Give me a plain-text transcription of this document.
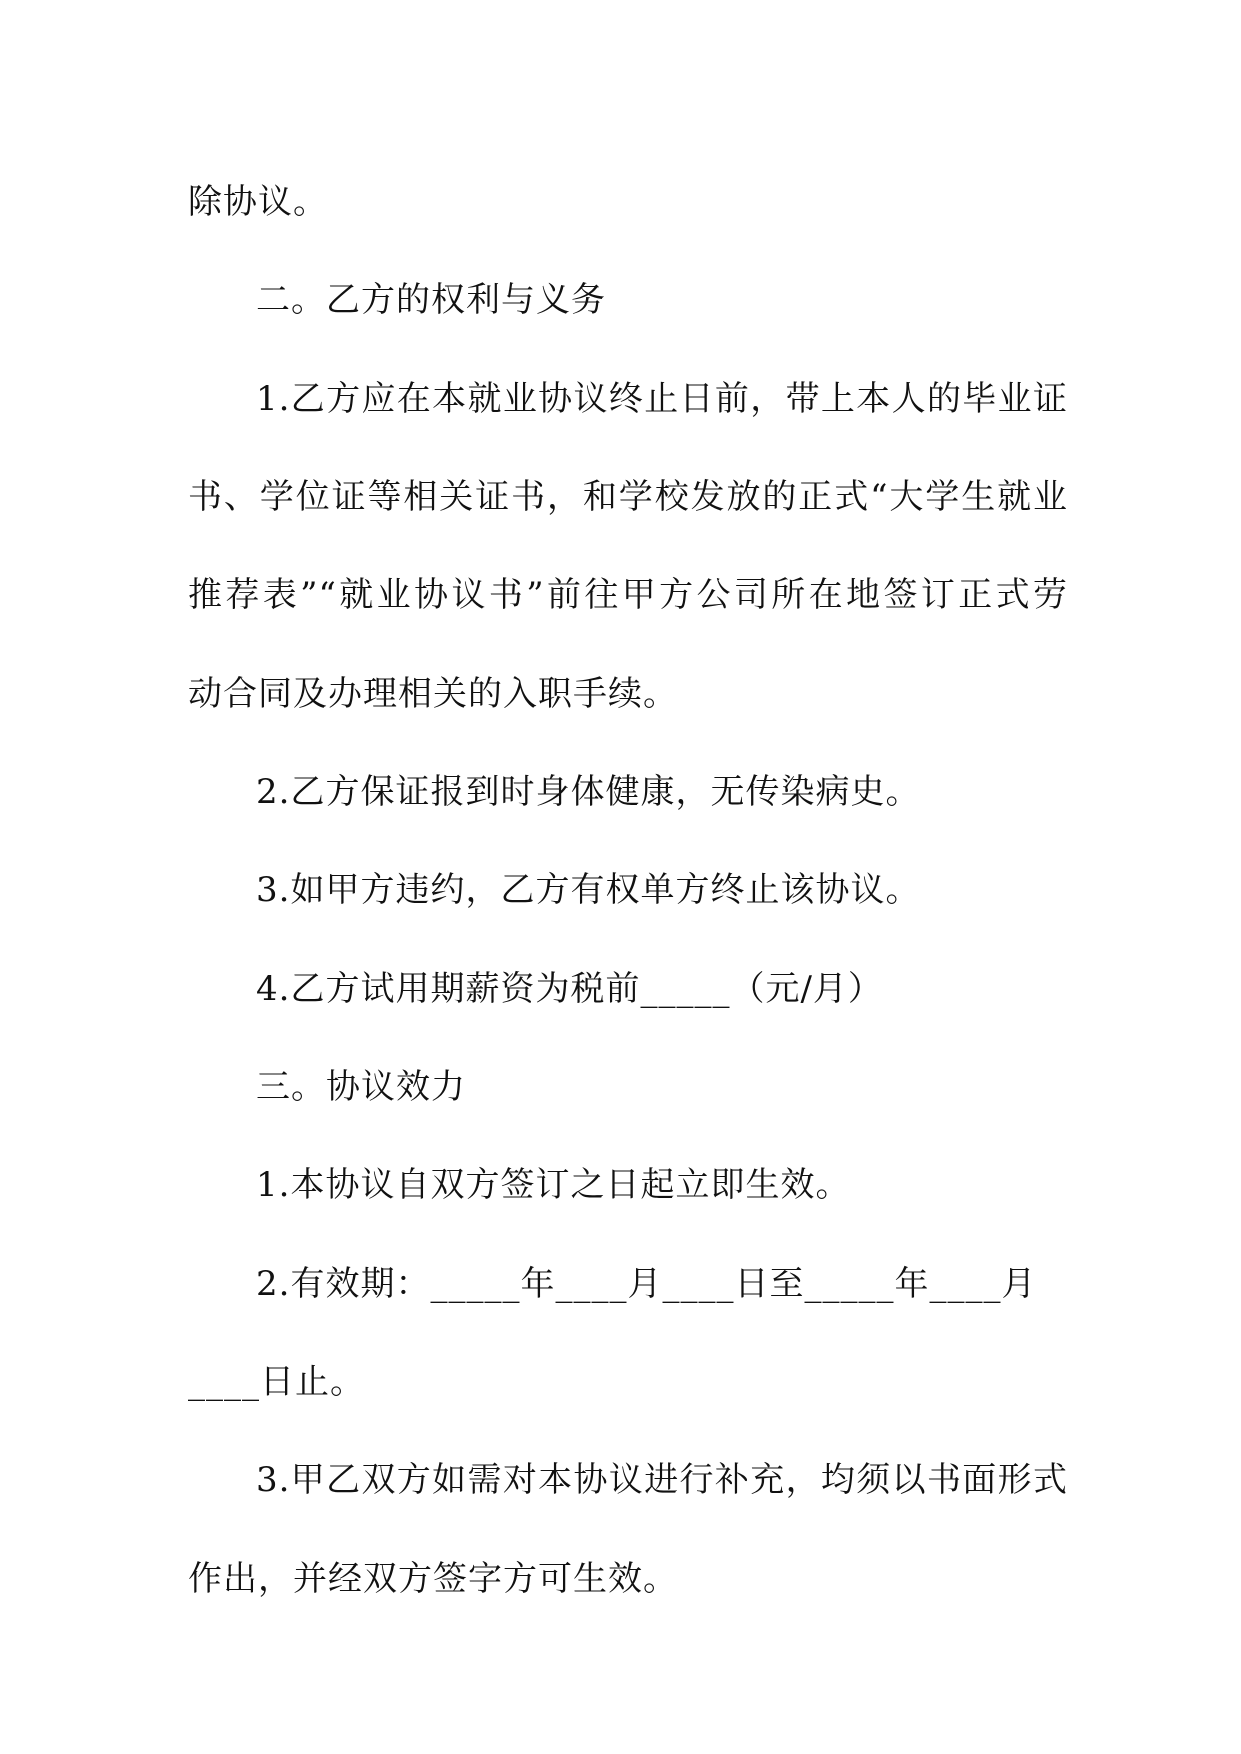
除协议。
二。乙方的权利与义务
1.乙方应在本就业协议终止日前，带上本人的毕业证
书、学位证等相关证书，和学校发放的正式“大学生就业
推荐表”“就业协议书”前往甲方公司所在地签订正式劳
动合同及办理相关的入职手续。
2.乙方保证报到时身体健康，无传染病史。
3.如甲方违约，乙方有权单方终止该协议。
4.乙方试用期薪资为税前_____（元/月）
三。协议效力
1.本协议自双方签订之日起立即生效。
2.有效期：_____年____月____日至_____年____月
____日止。
3.甲乙双方如需对本协议进行补充，均须以书面形式
作出，并经双方签字方可生效。
